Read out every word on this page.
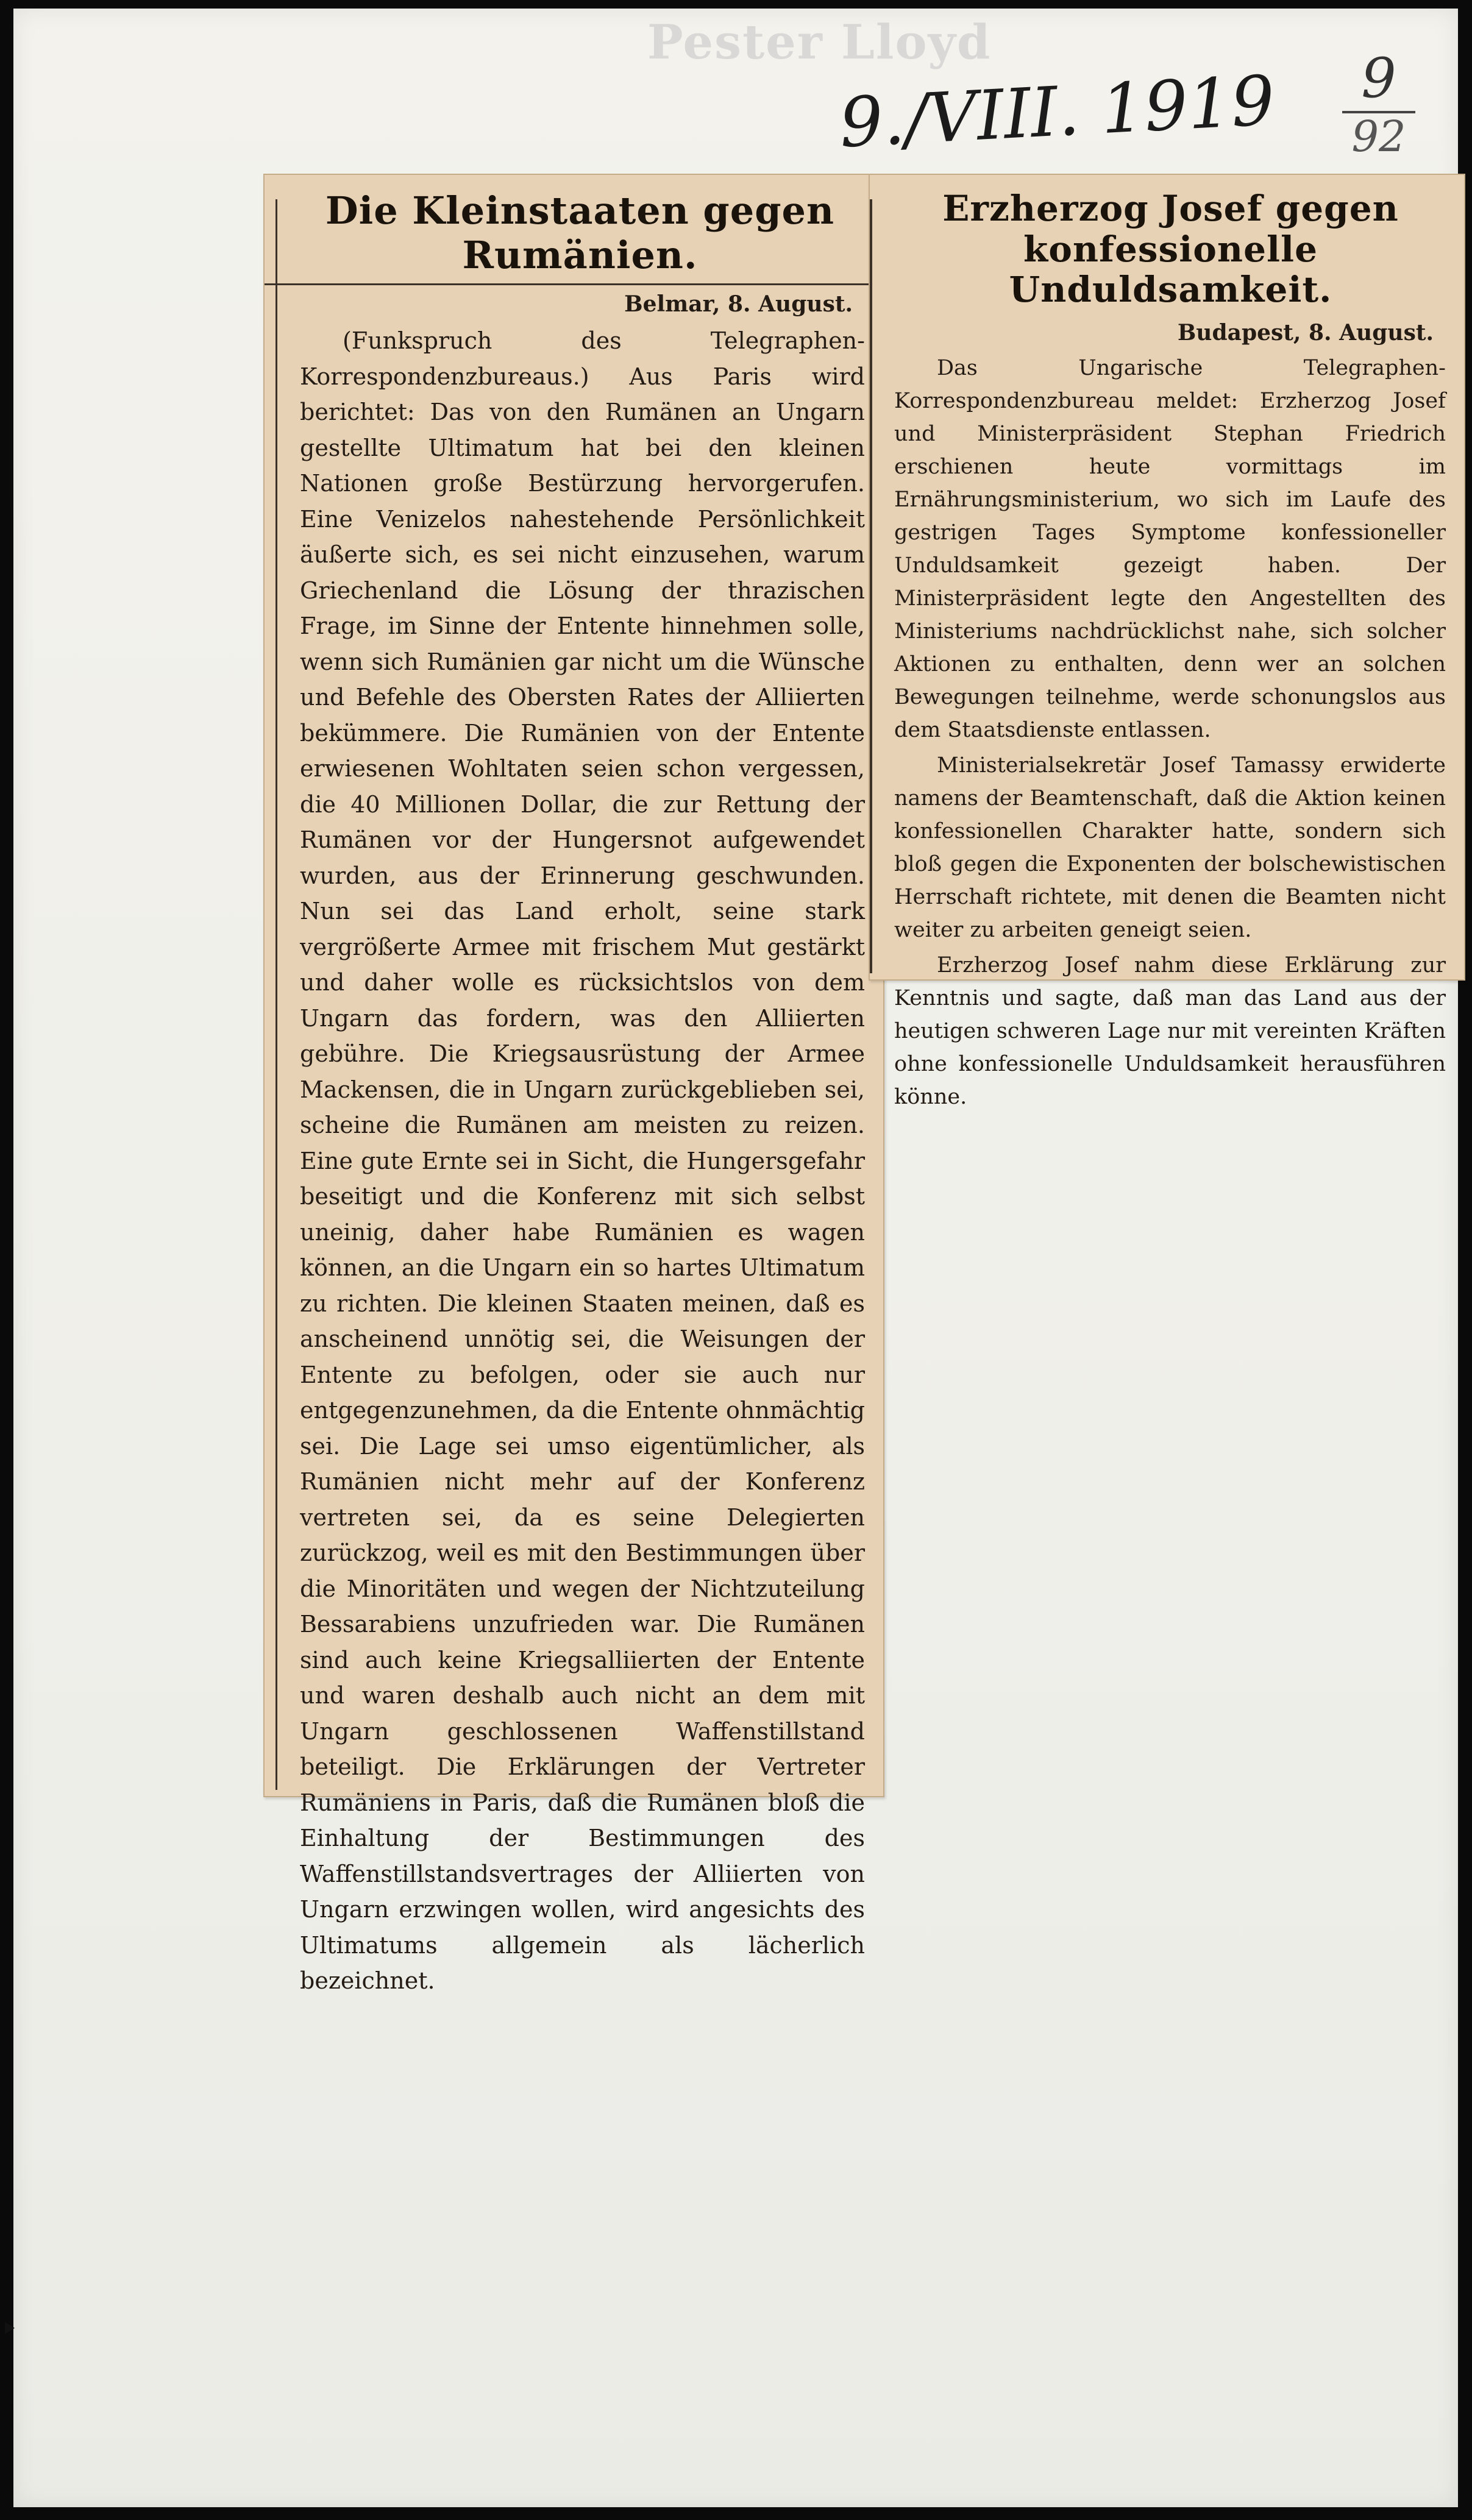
Pester Lloyd
9./VIII. 1919	9
92
Die Kleinstaaten gegen Rumänien.
Belmar, 8. August.

(Funkspruch des Telegraphen-Korrespondenzbureaus.) Aus Paris wird berichtet: Das von den Rumänen an Ungarn gestellte Ultimatum hat bei den kleinen Nationen große Bestürzung hervorgerufen. Eine Venizelos nahestehende Persönlichkeit äußerte sich, es sei nicht einzusehen, warum Griechenland die Lösung der thrazischen Frage, im Sinne der Entente hinnehmen solle, wenn sich Rumänien gar nicht um die Wünsche und Befehle des Obersten Rates der Alliierten bekümmere. Die Rumänien von der Entente erwiesenen Wohltaten seien schon vergessen, die 40 Millionen Dollar, die zur Rettung der Rumänen vor der Hungersnot aufgewendet wurden, aus der Erinnerung geschwunden. Nun sei das Land erholt, seine stark vergrößerte Armee mit frischem Mut gestärkt und daher wolle es rücksichtslos von dem Ungarn das fordern, was den Alliierten gebühre. Die Kriegsausrüstung der Armee Mackensen, die in Ungarn zurückgeblieben sei, scheine die Rumänen am meisten zu reizen. Eine gute Ernte sei in Sicht, die Hungersgefahr beseitigt und die Konferenz mit sich selbst uneinig, daher habe Rumänien es wagen können, an die Ungarn ein so hartes Ultimatum zu richten. Die kleinen Staaten meinen, daß es anscheinend unnötig sei, die Weisungen der Entente zu befolgen, oder sie auch nur entgegenzunehmen, da die Entente ohnmächtig sei. Die Lage sei umso eigentümlicher, als Rumänien nicht mehr auf der Konferenz vertreten sei, da es seine Delegierten zurückzog, weil es mit den Bestimmungen über die Minoritäten und wegen der Nichtzuteilung Bessarabiens unzufrieden war. Die Rumänen sind auch keine Kriegsalliierten der Entente und waren deshalb auch nicht an dem mit Ungarn geschlossenen Waffenstillstand beteiligt. Die Erklärungen der Vertreter Rumäniens in Paris, daß die Rumänen bloß die Einhaltung der Bestimmungen des Waffenstillstandsvertrages der Alliierten von Ungarn erzwingen wollen, wird angesichts des Ultimatums allgemein als lächerlich bezeichnet.

Erzherzog Josef gegen konfessionelle Unduldsamkeit.
Budapest, 8. August.

Das Ungarische Telegraphen-Korrespondenzbureau meldet: Erzherzog Josef und Ministerpräsident Stephan Friedrich erschienen heute vormittags im Ernährungsministerium, wo sich im Laufe des gestrigen Tages Symptome konfessioneller Unduldsamkeit gezeigt haben. Der Ministerpräsident legte den Angestellten des Ministeriums nachdrücklichst nahe, sich solcher Aktionen zu enthalten, denn wer an solchen Bewegungen teilnehme, werde schonungslos aus dem Staatsdienste entlassen.

Ministerialsekretär Josef Tamassy erwiderte namens der Beamtenschaft, daß die Aktion keinen konfessionellen Charakter hatte, sondern sich bloß gegen die Exponenten der bolschewistischen Herrschaft richtete, mit denen die Beamten nicht weiter zu arbeiten geneigt seien.

Erzherzog Josef nahm diese Erklärung zur Kenntnis und sagte, daß man das Land aus der heutigen schweren Lage nur mit vereinten Kräften ohne konfessionelle Unduldsamkeit herausführen könne.
